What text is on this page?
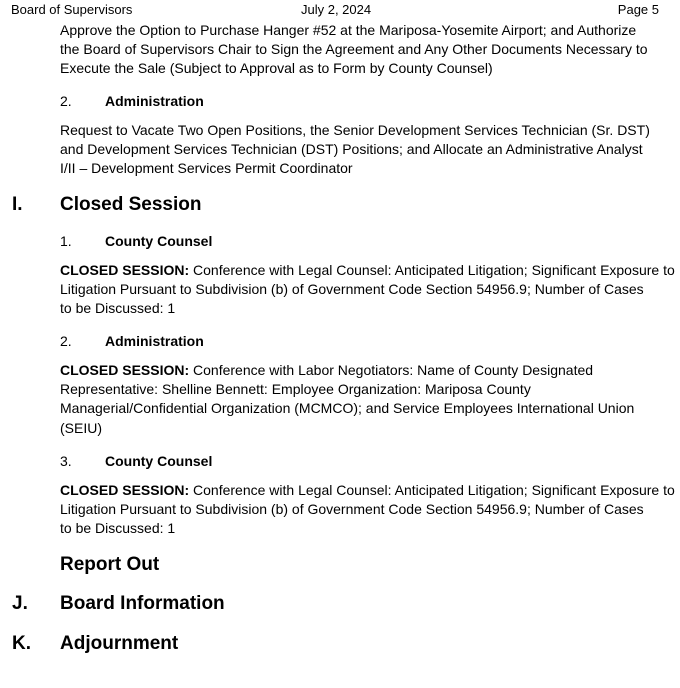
Board of Supervisors	July 2, 2024	Page 5
Approve the Option to Purchase Hanger #52 at the Mariposa-Yosemite Airport; and Authorize
the Board of Supervisors Chair to Sign the Agreement and Any Other Documents Necessary to
Execute the Sale (Subject to Approval as to Form by County Counsel)
2. Administration
Request to Vacate Two Open Positions, the Senior Development Services Technician (Sr. DST)
and Development Services Technician (DST) Positions; and Allocate an Administrative Analyst
I/II – Development Services Permit Coordinator
I. Closed Session
1. County Counsel
CLOSED SESSION: Conference with Legal Counsel: Anticipated Litigation; Significant Exposure to
Litigation Pursuant to Subdivision (b) of Government Code Section 54956.9; Number of Cases
to be Discussed: 1
2. Administration
CLOSED SESSION: Conference with Labor Negotiators: Name of County Designated
Representative: Shelline Bennett: Employee Organization: Mariposa County
Managerial/Confidential Organization (MCMCO); and Service Employees International Union
(SEIU)
3. County Counsel
CLOSED SESSION: Conference with Legal Counsel: Anticipated Litigation; Significant Exposure to
Litigation Pursuant to Subdivision (b) of Government Code Section 54956.9; Number of Cases
to be Discussed: 1
Report Out
J. Board Information
K. Adjournment
